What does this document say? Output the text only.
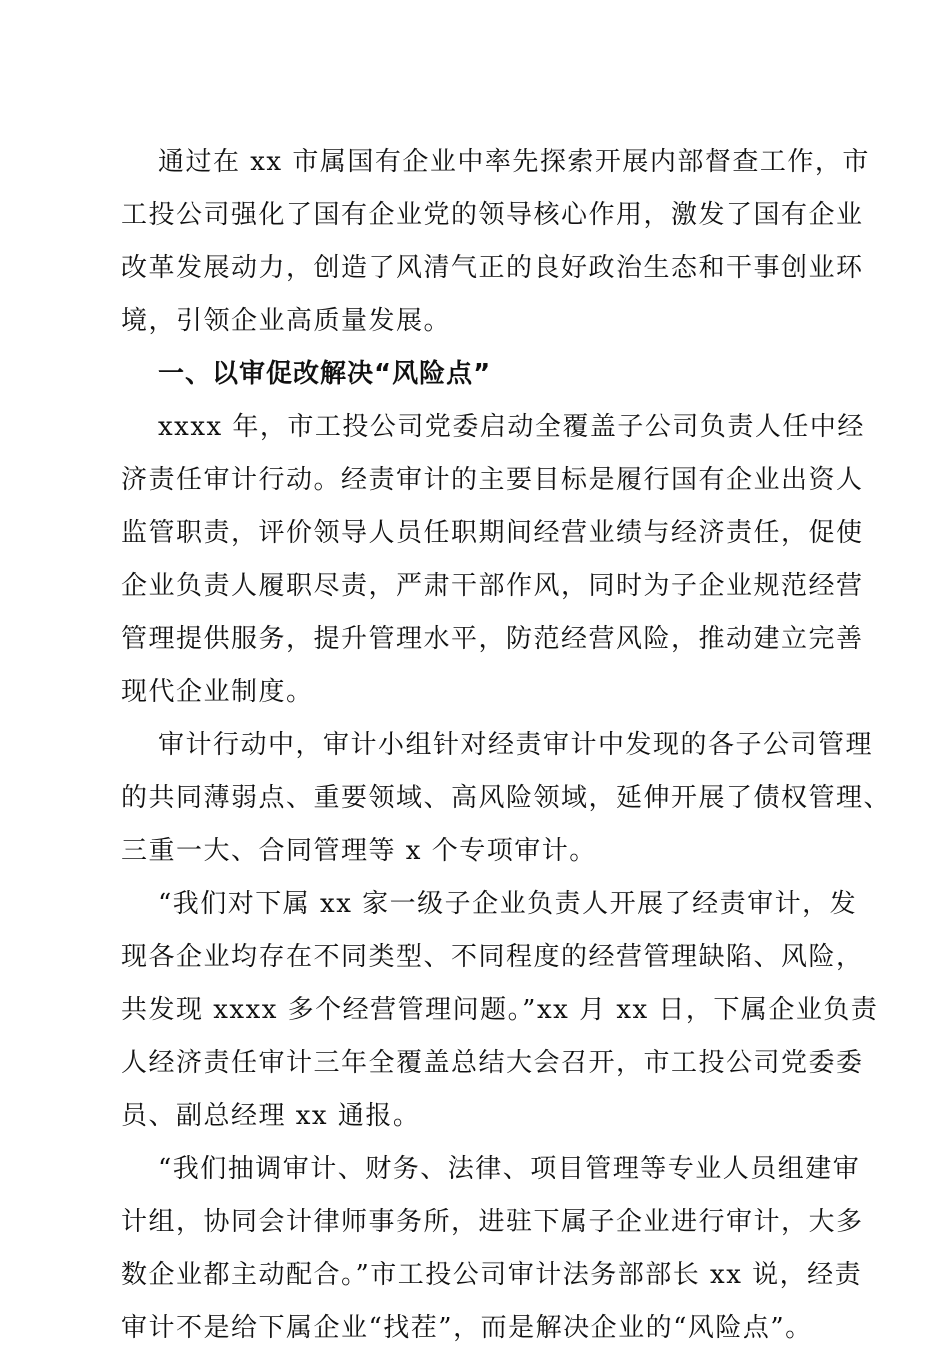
通过在 xx 市属国有企业中率先探索开展内部督查工作，市
工投公司强化了国有企业党的领导核心作用，激发了国有企业
改革发展动力，创造了风清气正的良好政治生态和干事创业环
境，引领企业高质量发展。
一、以审促改解决“风险点”
xxxx 年，市工投公司党委启动全覆盖子公司负责人任中经
济责任审计行动。经责审计的主要目标是履行国有企业出资人
监管职责，评价领导人员任职期间经营业绩与经济责任，促使
企业负责人履职尽责，严肃干部作风，同时为子企业规范经营
管理提供服务，提升管理水平，防范经营风险，推动建立完善
现代企业制度。
审计行动中，审计小组针对经责审计中发现的各子公司管理
的共同薄弱点、重要领域、高风险领域，延伸开展了债权管理、
三重一大、合同管理等 x 个专项审计。
“我们对下属 xx 家一级子企业负责人开展了经责审计，发
现各企业均存在不同类型、不同程度的经营管理缺陷、风险，
共发现 xxxx 多个经营管理问题。”xx 月 xx 日，下属企业负责
人经济责任审计三年全覆盖总结大会召开，市工投公司党委委
员、副总经理 xx 通报。
“我们抽调审计、财务、法律、项目管理等专业人员组建审
计组，协同会计律师事务所，进驻下属子企业进行审计，大多
数企业都主动配合。”市工投公司审计法务部部长 xx 说，经责
审计不是给下属企业“找茬”，而是解决企业的“风险点”。
